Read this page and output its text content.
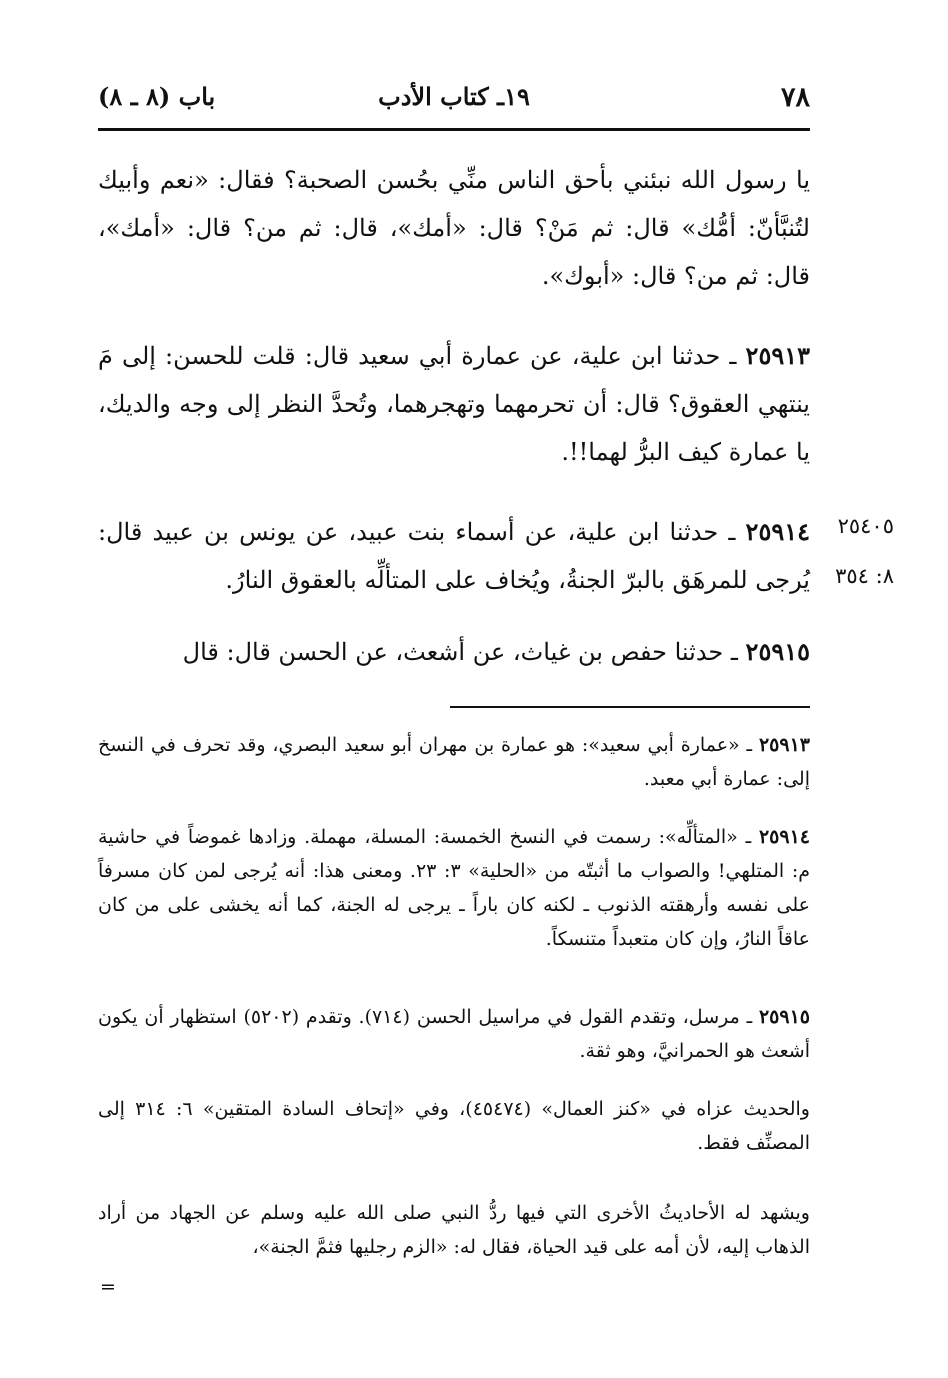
٧٨
١٩ـ كتاب الأدب
باب (٨ ـ ٨)
يا رسول الله نبئني بأحق الناس منِّي بحُسن الصحبة؟ فقال: «نعم وأبيك لتُنبَّأنّ: أمُّك» قال: ثم مَنْ؟ قال: «أمك»، قال: ثم من؟ قال: «أمك»، قال: ثم من؟ قال: «أبوك».
٢٥٩١٣ ـ حدثنا ابن علية، عن عمارة أبي سعيد قال: قلت للحسن: إلى مَ ينتهي العقوق؟ قال: أن تحرمهما وتهجرهما، وتُحدَّ النظر إلى وجه والديك، يا عمارة كيف البرُّ لهما!!.
٢٥٩١٤ ـ حدثنا ابن علية، عن أسماء بنت عبيد، عن يونس بن عبيد قال: يُرجى للمرهَق بالبرّ الجنةُ، ويُخاف على المتألِّه بالعقوق النارُ.
٢٥٤٠٥
٨: ٣٥٤
٢٥٩١٥ ـ حدثنا حفص بن غياث، عن أشعث، عن الحسن قال: قال
٢٥٩١٣ ـ «عمارة أبي سعيد»: هو عمارة بن مهران أبو سعيد البصري، وقد تحرف في النسخ إلى: عمارة أبي معبد.
٢٥٩١٤ ـ «المتألِّه»: رسمت في النسخ الخمسة: المسلة، مهملة. وزادها غموضاً في حاشية م: المتلهي! والصواب ما أثبتّه من «الحلية» ٣: ٢٣. ومعنى هذا: أنه يُرجى لمن كان مسرفاً على نفسه وأرهقته الذنوب ـ لكنه كان باراً ـ يرجى له الجنة، كما أنه يخشى على من كان عاقاً النارُ، وإن كان متعبداً متنسكاً.
٢٥٩١٥ ـ مرسل، وتقدم القول في مراسيل الحسن (٧١٤). وتقدم (٥٢٠٢) استظهار أن يكون أشعث هو الحمرانيَّ، وهو ثقة.
والحديث عزاه في «كنز العمال» (٤٥٤٧٤)، وفي «إتحاف السادة المتقين» ٦: ٣١٤ إلى المصنِّف فقط.
ويشهد له الأحاديثُ الأخرى التي فيها ردُّ النبي صلى الله عليه وسلم عن الجهاد من أراد الذهاب إليه، لأن أمه على قيد الحياة، فقال له: «الزم رجليها فثمَّ الجنة»،
=
